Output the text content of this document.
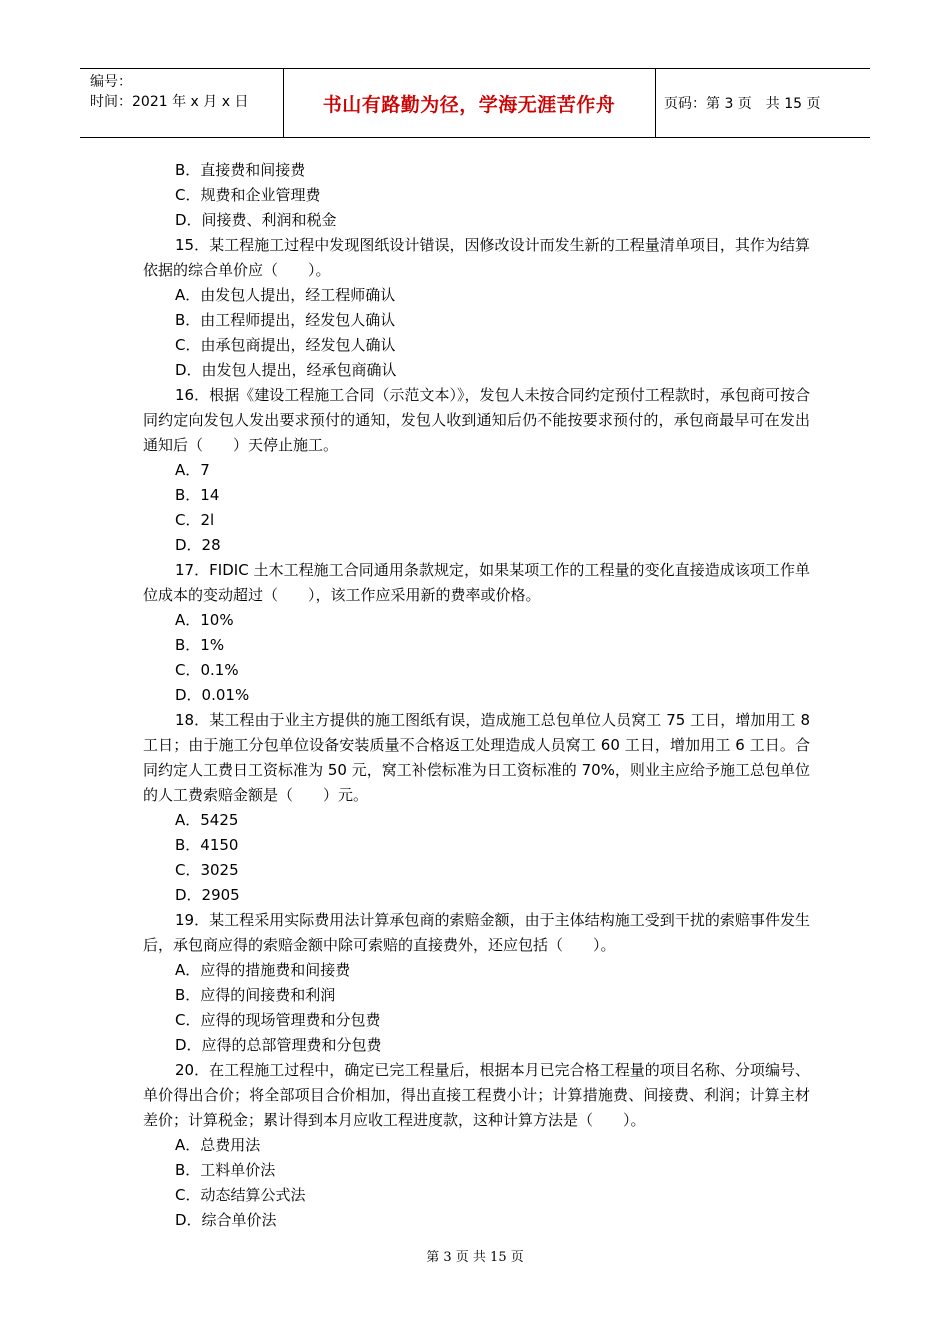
编号：
时间：2021 年 x 月 x 日	书山有路勤为径，学海无涯苦作舟	页码：第 3 页　共 15 页

B．直接费和间接费

C．规费和企业管理费

D．间接费、利润和税金

15．某工程施工过程中发现图纸设计错误，因修改设计而发生新的工程量清单项目，其作为结算依据的综合单价应（　　）。

A．由发包人提出，经工程师确认

B．由工程师提出，经发包人确认

C．由承包商提出，经发包人确认

D．由发包人提出，经承包商确认

16．根据《建设工程施工合同（示范文本）》，发包人未按合同约定预付工程款时，承包商可按合同约定向发包人发出要求预付的通知，发包人收到通知后仍不能按要求预付的，承包商最早可在发出通知后（　　）天停止施工。

A．7

B．14

C．2l

D．28

17．FIDIC 土木工程施工合同通用条款规定，如果某项工作的工程量的变化直接造成该项工作单位成本的变动超过（　　），该工作应采用新的费率或价格。

A．10%

B．1%

C．0.1%

D．0.01%

18．某工程由于业主方提供的施工图纸有误，造成施工总包单位人员窝工 75 工日，增加用工 8 工日；由于施工分包单位设备安装质量不合格返工处理造成人员窝工 60 工日，增加用工 6 工日。合同约定人工费日工资标准为 50 元，窝工补偿标准为日工资标准的 70%，则业主应给予施工总包单位的人工费索赔金额是（　　）元。

A．5425

B．4150

C．3025

D．2905

19．某工程采用实际费用法计算承包商的索赔金额，由于主体结构施工受到干扰的索赔事件发生后，承包商应得的索赔金额中除可索赔的直接费外，还应包括（　　）。

A．应得的措施费和间接费

B．应得的间接费和利润

C．应得的现场管理费和分包费

D．应得的总部管理费和分包费

20．在工程施工过程中，确定已完工程量后，根据本月已完合格工程量的项目名称、分项编号、单价得出合价；将全部项目合价相加，得出直接工程费小计；计算措施费、间接费、利润；计算主材差价；计算税金；累计得到本月应收工程进度款，这种计算方法是（　　）。

A．总费用法

B．工料单价法

C．动态结算公式法

D．综合单价法

第 3 页 共 15 页
